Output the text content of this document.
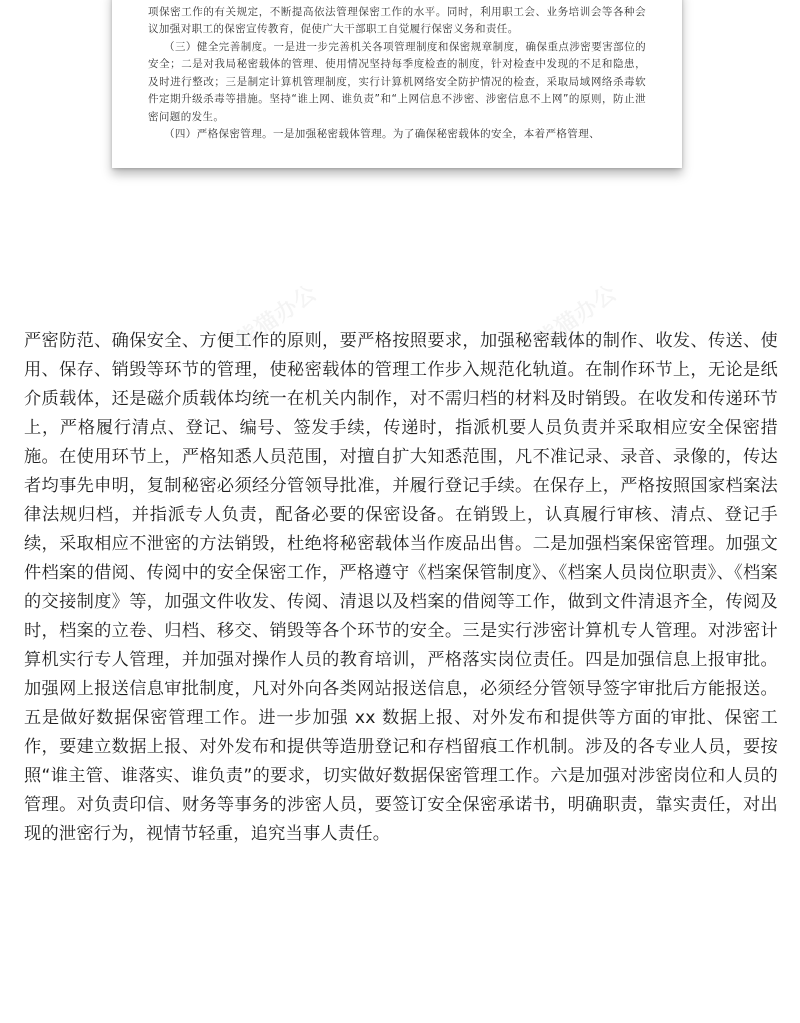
项保密工作的有关规定，不断提高依法管理保密工作的水平。同时，利用职工会、业务培训会等各种会议加强对职工的保密宣传教育，促使广大干部职工自觉履行保密义务和责任。

（三）健全完善制度。一是进一步完善机关各项管理制度和保密规章制度，确保重点涉密要害部位的安全；二是对我局秘密载体的管理、使用情况坚持每季度检查的制度，针对检查中发现的不足和隐患，及时进行整改；三是制定计算机管理制度，实行计算机网络安全防护情况的检查，采取局域网络杀毒软件定期升级杀毒等措施。坚持“谁上网、谁负责”和“上网信息不涉密、涉密信息不上网”的原则，防止泄密问题的发生。

（四）严格保密管理。一是加强秘密载体管理。为了确保秘密载体的安全，本着严格管理、

严密防范、确保安全、方便工作的原则，要严格按照要求，加强秘密载体的制作、收发、传送、使用、保存、销毁等环节的管理，使秘密载体的管理工作步入规范化轨道。在制作环节上，无论是纸介质载体，还是磁介质载体均统一在机关内制作，对不需归档的材料及时销毁。在收发和传递环节上，严格履行清点、登记、编号、签发手续，传递时，指派机要人员负责并采取相应安全保密措施。在使用环节上，严格知悉人员范围，对擅自扩大知悉范围，凡不准记录、录音、录像的，传达者均事先申明，复制秘密必须经分管领导批准，并履行登记手续。在保存上，严格按照国家档案法律法规归档，并指派专人负责，配备必要的保密设备。在销毁上，认真履行审核、清点、登记手续，采取相应不泄密的方法销毁，杜绝将秘密载体当作废品出售。二是加强档案保密管理。加强文件档案的借阅、传阅中的安全保密工作，严格遵守《档案保管制度》、《档案人员岗位职责》、《档案的交接制度》等，加强文件收发、传阅、清退以及档案的借阅等工作，做到文件清退齐全，传阅及时，档案的立卷、归档、移交、销毁等各个环节的安全。三是实行涉密计算机专人管理。对涉密计算机实行专人管理，并加强对操作人员的教育培训，严格落实岗位责任。四是加强信息上报审批。加强网上报送信息审批制度，凡对外向各类网站报送信息，必须经分管领导签字审批后方能报送。五是做好数据保密管理工作。进一步加强 xx 数据上报、对外发布和提供等方面的审批、保密工作，要建立数据上报、对外发布和提供等造册登记和存档留痕工作机制。涉及的各专业人员，要按照“谁主管、谁落实、谁负责”的要求，切实做好数据保密管理工作。六是加强对涉密岗位和人员的管理。对负责印信、财务等事务的涉密人员，要签订安全保密承诺书，明确职责，靠实责任，对出现的泄密行为，视情节轻重，追究当事人责任。
